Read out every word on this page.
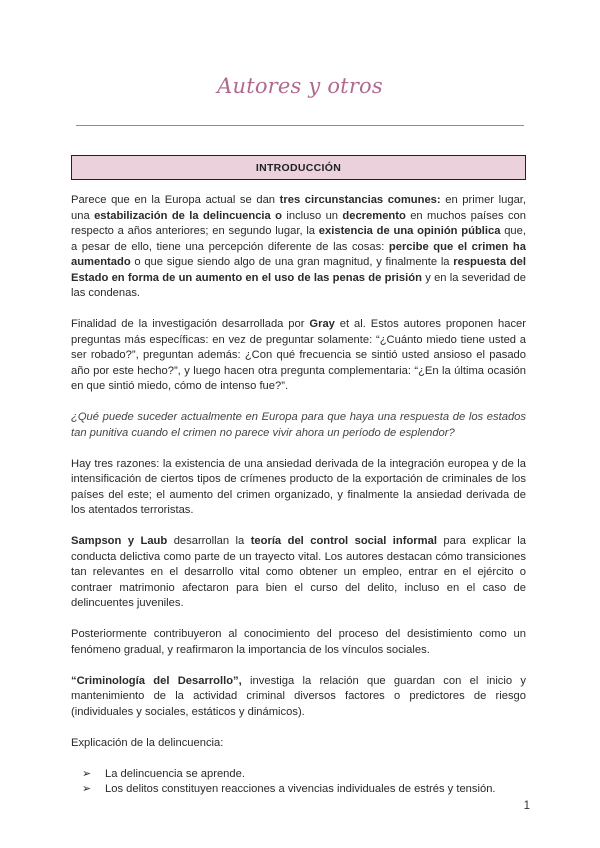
Autores y otros
INTRODUCCIÓN

Parece que en la Europa actual se dan tres circunstancias comunes: en primer lugar, una estabilización de la delincuencia o incluso un decremento en muchos países con respecto a años anteriores; en segundo lugar, la existencia de una opinión pública que, a pesar de ello, tiene una percepción diferente de las cosas: percibe que el crimen ha aumentado o que sigue siendo algo de una gran magnitud, y finalmente la respuesta del Estado en forma de un aumento en el uso de las penas de prisión y en la severidad de las condenas.

Finalidad de la investigación desarrollada por Gray et al. Estos autores proponen hacer preguntas más específicas: en vez de preguntar solamente: “¿Cuánto miedo tiene usted a ser robado?”, preguntan además: ¿Con qué frecuencia se sintió usted ansioso el pasado año por este hecho?”, y luego hacen otra pregunta complementaria: “¿En la última ocasión en que sintió miedo, cómo de intenso fue?”.

¿Qué puede suceder actualmente en Europa para que haya una respuesta de los estados tan punitiva cuando el crimen no parece vivir ahora un período de esplendor?

Hay tres razones: la existencia de una ansiedad derivada de la integración europea y de la intensificación de ciertos tipos de crímenes producto de la exportación de criminales de los países del este; el aumento del crimen organizado, y finalmente la ansiedad derivada de los atentados terroristas.

Sampson y Laub desarrollan la teoría del control social informal para explicar la conducta delictiva como parte de un trayecto vital. Los autores destacan cómo transiciones tan relevantes en el desarrollo vital como obtener un empleo, entrar en el ejército o contraer matrimonio afectaron para bien el curso del delito, incluso en el caso de delincuentes juveniles.

Posteriormente contribuyeron al conocimiento del proceso del desistimiento como un fenómeno gradual, y reafirmaron la importancia de los vínculos sociales.

“Criminología del Desarrollo”, investiga la relación que guardan con el inicio y mantenimiento de la actividad criminal diversos factores o predictores de riesgo (individuales y sociales, estáticos y dinámicos).

Explicación de la delincuencia:

➢ La delincuencia se aprende.
➢ Los delitos constituyen reacciones a vivencias individuales de estrés y tensión.
1
